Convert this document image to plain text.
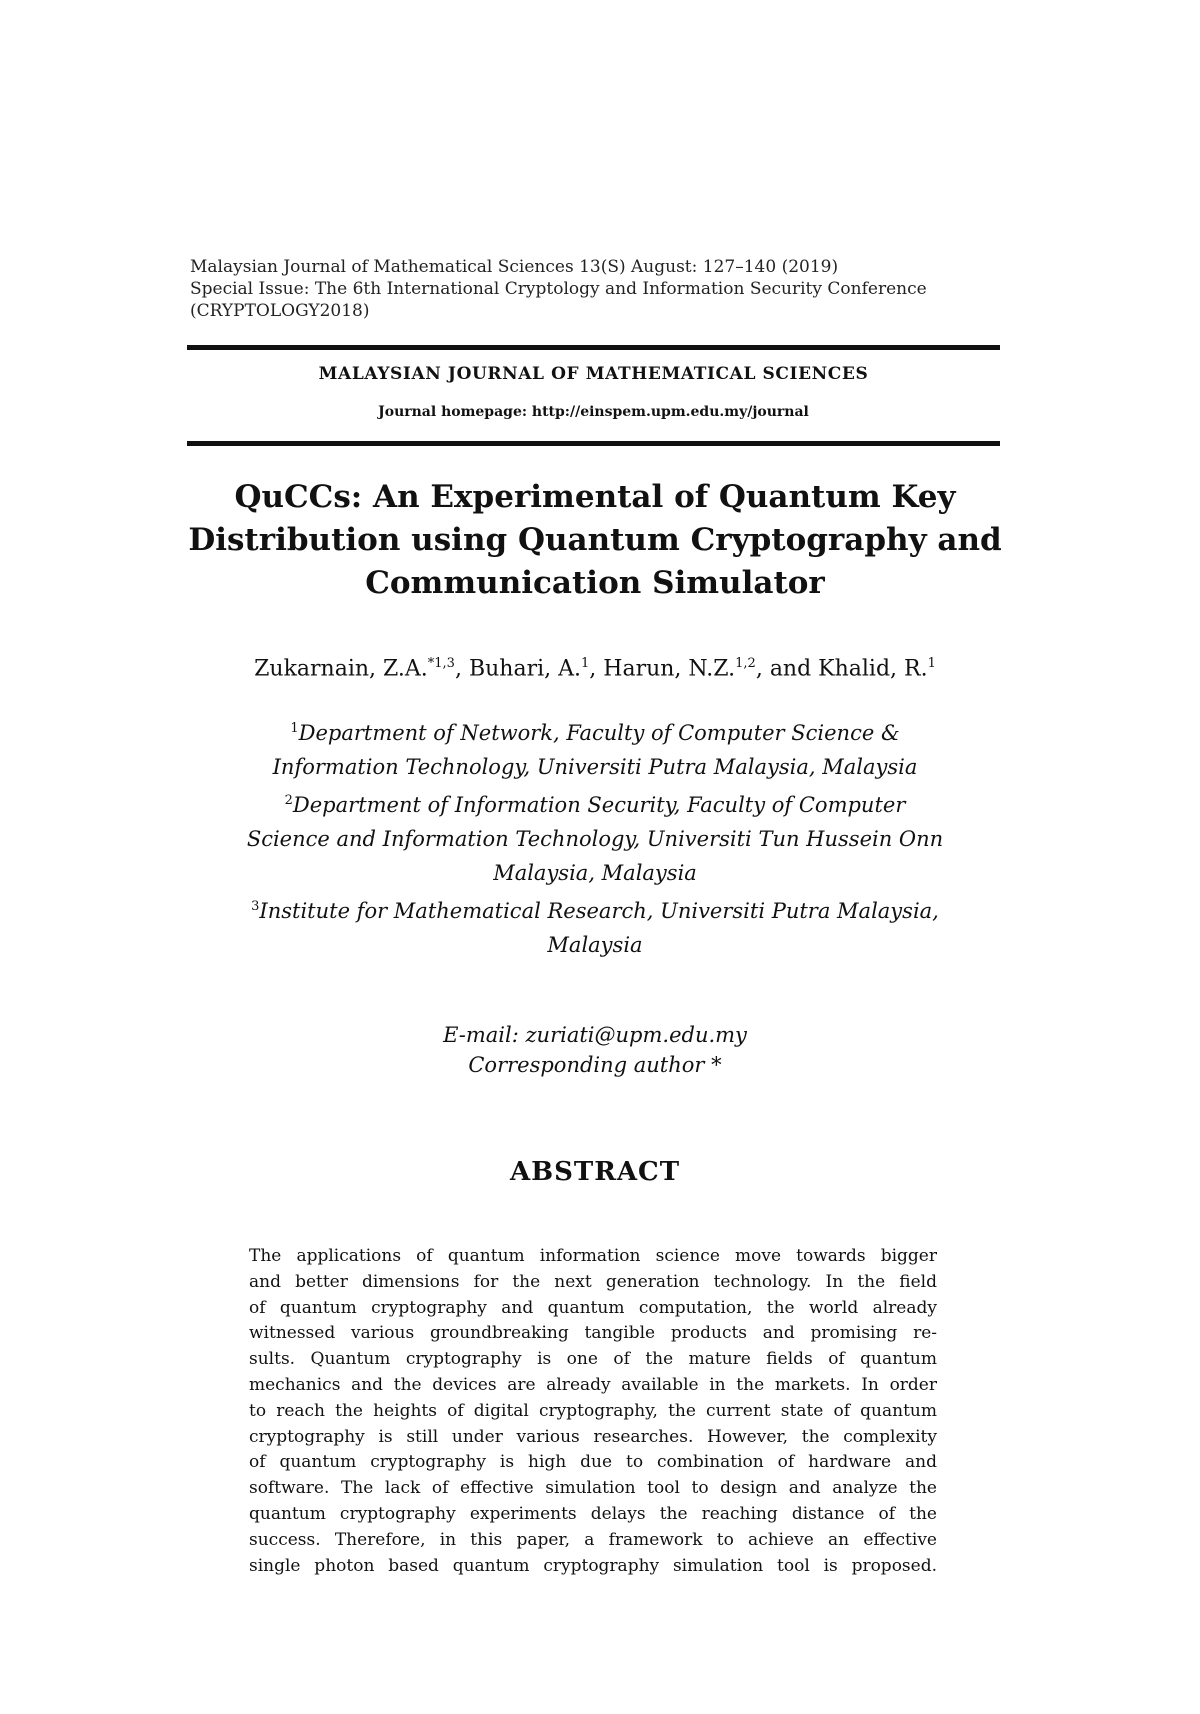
Malaysian Journal of Mathematical Sciences 13(S) August: 127–140 (2019)
Special Issue: The 6th International Cryptology and Information Security Conference
(CRYPTOLOGY2018)
MALAYSIAN JOURNAL OF MATHEMATICAL SCIENCES
Journal homepage: http://einspem.upm.edu.my/journal
QuCCs: An Experimental of Quantum Key
Distribution using Quantum Cryptography and
Communication Simulator
Zukarnain, Z.A.$^{*1,3}$, Buhari, A.$^1$, Harun, N.Z.$^{1,2}$, and Khalid, R.$^1$
$^1$Department of Network, Faculty of Computer Science &
Information Technology, Universiti Putra Malaysia, Malaysia
$^2$Department of Information Security, Faculty of Computer
Science and Information Technology, Universiti Tun Hussein Onn
Malaysia, Malaysia
$^3$Institute for Mathematical Research, Universiti Putra Malaysia,
Malaysia
E-mail: zuriati@upm.edu.my
Corresponding author *
ABSTRACT
The applications of quantum information science move towards bigger
and better dimensions for the next generation technology. In the field
of quantum cryptography and quantum computation, the world already
witnessed various groundbreaking tangible products and promising re-
sults. Quantum cryptography is one of the mature fields of quantum
mechanics and the devices are already available in the markets. In order
to reach the heights of digital cryptography, the current state of quantum
cryptography is still under various researches. However, the complexity
of quantum cryptography is high due to combination of hardware and
software. The lack of effective simulation tool to design and analyze the
quantum cryptography experiments delays the reaching distance of the
success. Therefore, in this paper, a framework to achieve an effective
single photon based quantum cryptography simulation tool is proposed.
